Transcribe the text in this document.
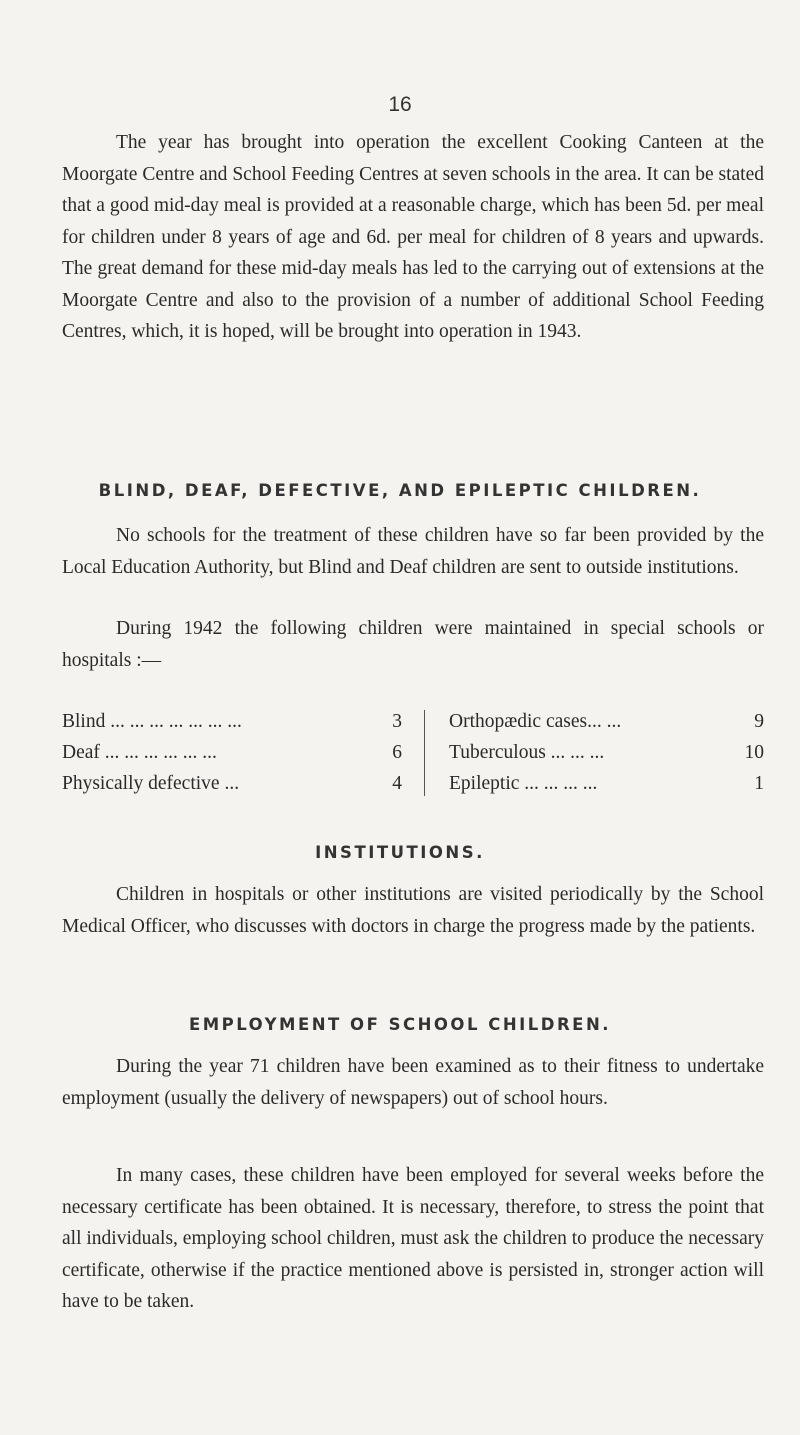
16

The year has brought into operation the excellent Cooking Canteen at the Moorgate Centre and School Feeding Centres at seven schools in the area. It can be stated that a good mid-day meal is provided at a reasonable charge, which has been 5d. per meal for children under 8 years of age and 6d. per meal for children of 8 years and upwards. The great demand for these mid-day meals has led to the carrying out of extensions at the Moorgate Centre and also to the provision of a number of additional School Feeding Centres, which, it is hoped, will be brought into operation in 1943.

BLIND, DEAF, DEFECTIVE, AND EPILEPTIC CHILDREN.

No schools for the treatment of these children have so far been provided by the Local Education Authority, but Blind and Deaf children are sent to outside institutions.

During 1942 the following children were maintained in special schools or hospitals :—

Blind ... ... ... ... ... ... ...	3
Deaf ... ... ... ... ... ...	6
Physically defective ...	4
Orthopædic cases... ...	9
Tuberculous ... ... ...	10
Epileptic ... ... ... ...	1
INSTITUTIONS.

Children in hospitals or other institutions are visited periodically by the School Medical Officer, who discusses with doctors in charge the progress made by the patients.

EMPLOYMENT OF SCHOOL CHILDREN.

During the year 71 children have been examined as to their fitness to undertake employment (usually the delivery of newspapers) out of school hours.

In many cases, these children have been employed for several weeks before the necessary certificate has been obtained. It is necessary, therefore, to stress the point that all individuals, employing school children, must ask the children to produce the necessary certificate, otherwise if the practice mentioned above is persisted in, stronger action will have to be taken.
